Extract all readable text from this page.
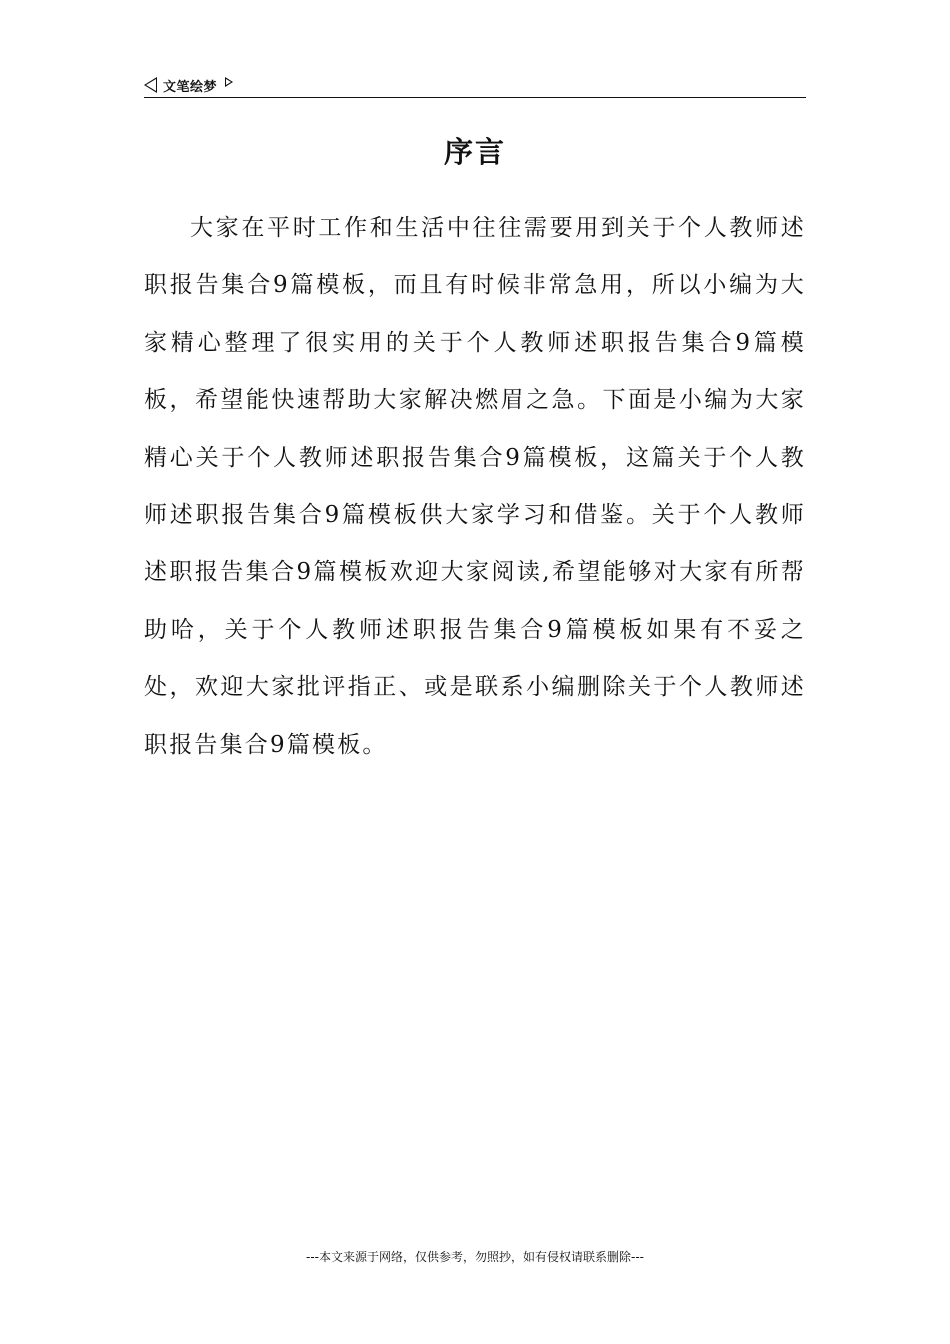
文笔绘梦
序言

大家在平时工作和生活中往往需要用到关于个人教师述职报告集合9篇模板，而且有时候非常急用，所以小编为大家精心整理了很实用的关于个人教师述职报告集合9篇模板，希望能快速帮助大家解决燃眉之急。下面是小编为大家精心关于个人教师述职报告集合9篇模板，这篇关于个人教师述职报告集合9篇模板供大家学习和借鉴。关于个人教师述职报告集合9篇模板欢迎大家阅读,希望能够对大家有所帮助哈，关于个人教师述职报告集合9篇模板如果有不妥之处，欢迎大家批评指正、或是联系小编删除关于个人教师述职报告集合9篇模板。

---本文来源于网络，仅供参考，勿照抄，如有侵权请联系删除---
